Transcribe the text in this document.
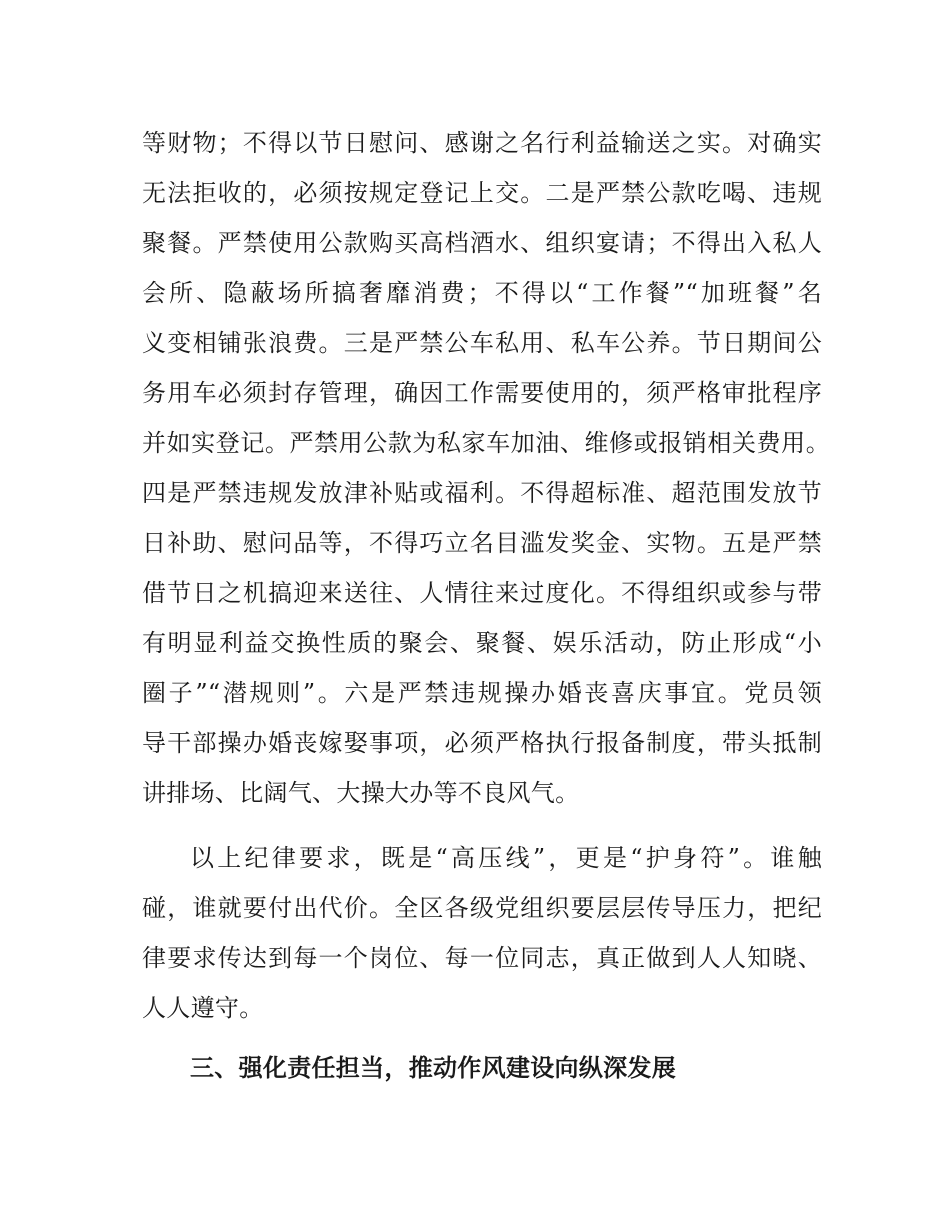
等财物；不得以节日慰问、感谢之名行利益输送之实。对确实
无法拒收的，必须按规定登记上交。二是严禁公款吃喝、违规
聚餐。严禁使用公款购买高档酒水、组织宴请；不得出入私人
会所、隐蔽场所搞奢靡消费；不得以“工作餐”“加班餐”名
义变相铺张浪费。三是严禁公车私用、私车公养。节日期间公
务用车必须封存管理，确因工作需要使用的，须严格审批程序
并如实登记。严禁用公款为私家车加油、维修或报销相关费用。
四是严禁违规发放津补贴或福利。不得超标准、超范围发放节
日补助、慰问品等，不得巧立名目滥发奖金、实物。五是严禁
借节日之机搞迎来送往、人情往来过度化。不得组织或参与带
有明显利益交换性质的聚会、聚餐、娱乐活动，防止形成“小
圈子”“潜规则”。六是严禁违规操办婚丧喜庆事宜。党员领
导干部操办婚丧嫁娶事项，必须严格执行报备制度，带头抵制
讲排场、比阔气、大操大办等不良风气。
以上纪律要求，既是“高压线”，更是“护身符”。谁触
碰，谁就要付出代价。全区各级党组织要层层传导压力，把纪
律要求传达到每一个岗位、每一位同志，真正做到人人知晓、
人人遵守。
三、强化责任担当，推动作风建设向纵深发展
